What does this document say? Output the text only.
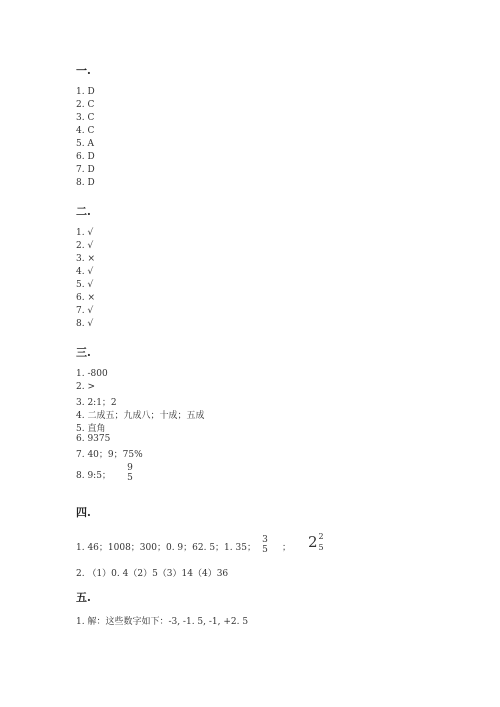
一.
1. D
2. C
3. C
4. C
5. A
6. D
7. D
8. D
二.
1. √
2. √
3. ×
4. √
5. √
6. ×
7. √
8. √
三.
1. -800
2. >
3. 2:1；2
4. 二成五；九成八；十成；五成
5. 直角
6. 9375
7. 40；9；75%
8. 9:5；
9
5
四.
1. 46；1008；300；0. 9；62. 5；1. 35；
3
5	； 2 2
5
2. （1）0. 4（2）5（3）14（4）36
五.
1. 解：这些数字如下：-3, -1. 5, -1, +2. 5
